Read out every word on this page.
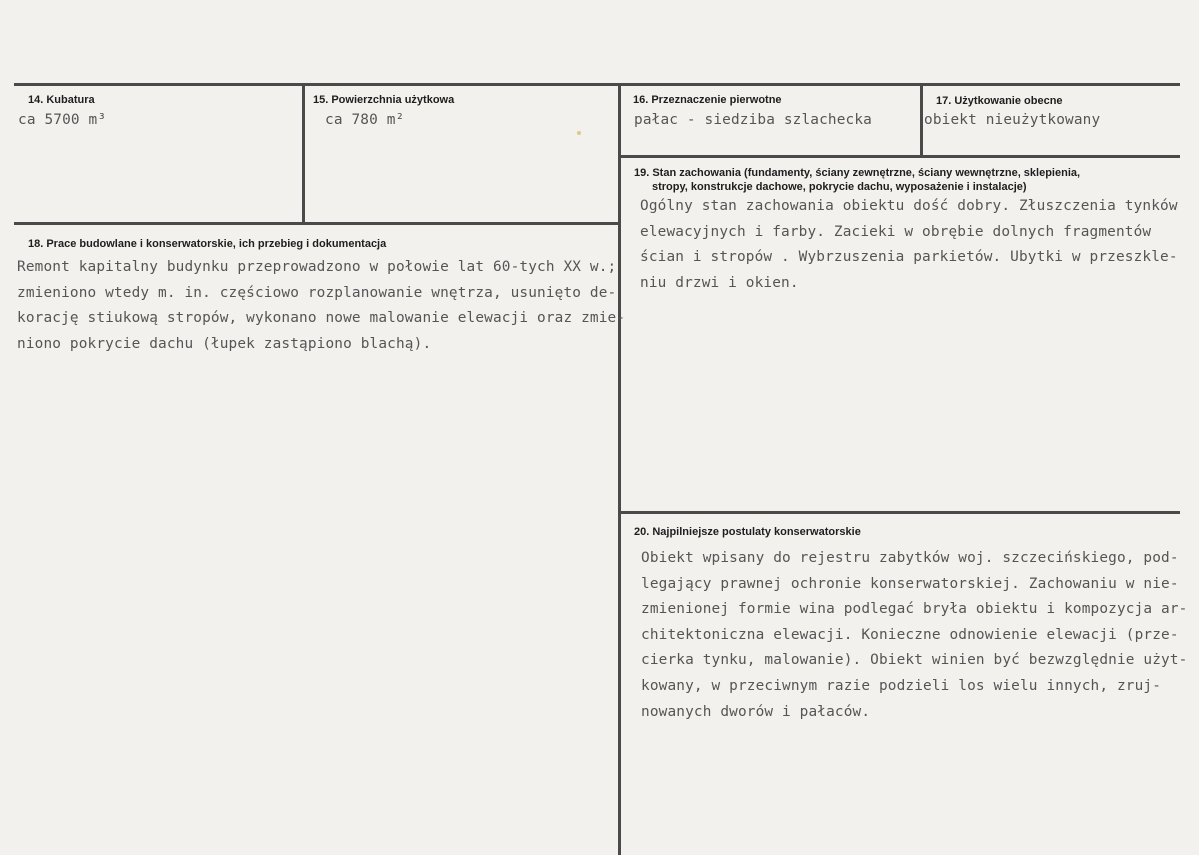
14. Kubatura
ca 5700 m³
15. Powierzchnia użytkowa
ca 780 m²
16. Przeznaczenie pierwotne
pałac - siedziba szlachecka
17. Użytkowanie obecne
obiekt nieużytkowany
18. Prace budowlane i konserwatorskie, ich przebieg i dokumentacja
Remont kapitalny budynku przeprowadzono w połowie lat 60-tych XX w.;
zmieniono wtedy m. in. częściowo rozplanowanie wnętrza, usunięto de-
korację stiukową stropów, wykonano nowe malowanie elewacji oraz zmie-
niono pokrycie dachu (łupek zastąpiono blachą).
19. Stan zachowania (fundamenty, ściany zewnętrzne, ściany wewnętrzne, sklepienia,
stropy, konstrukcje dachowe, pokrycie dachu, wyposażenie i instalacje)
Ogólny stan zachowania obiektu dość dobry. Złuszczenia tynków
elewacyjnych i farby. Zacieki w obrębie dolnych fragmentów
ścian i stropów . Wybrzuszenia parkietów. Ubytki w przeszkle-
niu drzwi i okien.
20. Najpilniejsze postulaty konserwatorskie
Obiekt wpisany do rejestru zabytków woj. szczecińskiego, pod-
legający prawnej ochronie konserwatorskiej. Zachowaniu w nie-
zmienionej formie wina podlegać bryła obiektu i kompozycja ar-
chitektoniczna elewacji. Konieczne odnowienie elewacji (prze-
cierka tynku, malowanie). Obiekt winien być bezwzględnie użyt-
kowany, w przeciwnym razie podzieli los wielu innych, zruj-
nowanych dworów i pałaców.
